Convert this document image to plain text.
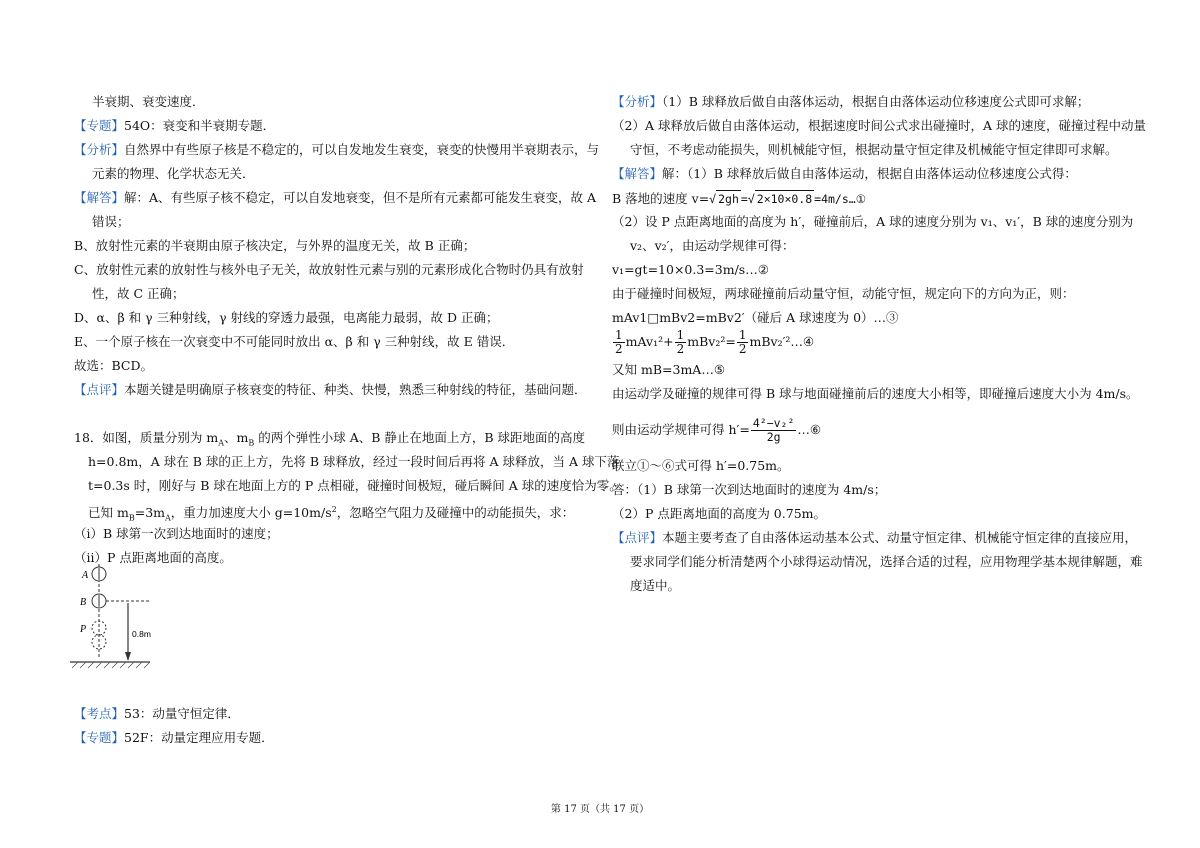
半衰期、衰变速度．
【专题】54O：衰变和半衰期专题．
【分析】自然界中有些原子核是不稳定的，可以自发地发生衰变，衰变的快慢用半衰期表示，与
元素的物理、化学状态无关．
【解答】解：A、有些原子核不稳定，可以自发地衰变，但不是所有元素都可能发生衰变，故 A
错误；
B、放射性元素的半衰期由原子核决定，与外界的温度无关，故 B 正确；
C、放射性元素的放射性与核外电子无关，故放射性元素与别的元素形成化合物时仍具有放射
性，故 C 正确；
D、α、β 和 γ 三种射线，γ 射线的穿透力最强，电离能力最弱，故 D 正确；
E、一个原子核在一次衰变中不可能同时放出 α、β 和 γ 三种射线，故 E 错误．
故选：BCD。
【点评】本题关键是明确原子核衰变的特征、种类、快慢，熟悉三种射线的特征，基础问题．
18．如图，质量分别为 $m_A$、$m_B$ 的两个弹性小球 A、B 静止在地面上方，B 球距地面的高度
h=0.8m，A 球在 B 球的正上方，先将 B 球释放，经过一段时间后再将 A 球释放，当 A 球下落
t=0.3s 时，刚好与 B 球在地面上方的 P 点相碰，碰撞时间极短，碰后瞬间 A 球的速度恰为零。
已知 $m_B=3m_A$，重力加速度大小 $g=10m/s^2$，忽略空气阻力及碰撞中的动能损失，求：
（i）B 球第一次到达地面时的速度；
（ii）P 点距离地面的高度。
【考点】53：动量守恒定律．
【专题】52F：动量定理应用专题．
A
B
P	0.8m
【分析】（1）B 球释放后做自由落体运动，根据自由落体运动位移速度公式即可求解；
（2）A 球释放后做自由落体运动，根据速度时间公式求出碰撞时，A 球的速度，碰撞过程中动量
守恒，不考虑动能损失，则机械能守恒，根据动量守恒定律及机械能守恒定律即可求解。
【解答】解：（1）B 球释放后做自由落体运动，根据自由落体运动位移速度公式得：
B 落地的速度 v=√ 2gh =√ 2×10×0.8 =4m/s…①
（2）设 P 点距离地面的高度为 h′，碰撞前后，A 球的速度分别为 v₁、v₁′，B 球的速度分别为
v₂、v₂′，由运动学规律可得：
v₁=gt=10×0.3=3m/s…②
由于碰撞时间极短，两球碰撞前后动量守恒，动能守恒，规定向下的方向为正，则：
mAv1□mBv2=mBv2′（碰后 A 球速度为 0）…③
$\frac{1}{2} mAv_1^2+ \frac{1}{2} mBv_2^2= \frac{1}{2}$ mBv₂′²…④
又知 mB=3mA…⑤
由运动学及碰撞的规律可得 B 球与地面碰撞前后的速度大小相等，即碰撞后速度大小为 4m/s。
则由运动学规律可得 $h'= \frac{\text{4²−v₂²}}{2g}$ …⑥
联立①～⑥式可得 h′=0.75m。
答：（1）B 球第一次到达地面时的速度为 4m/s；
（2）P 点距离地面的高度为 0.75m。
【点评】本题主要考查了自由落体运动基本公式、动量守恒定律、机械能守恒定律的直接应用，
要求同学们能分析清楚两个小球得运动情况，选择合适的过程，应用物理学基本规律解题，难
度适中。
第 17 页（共 17 页）
